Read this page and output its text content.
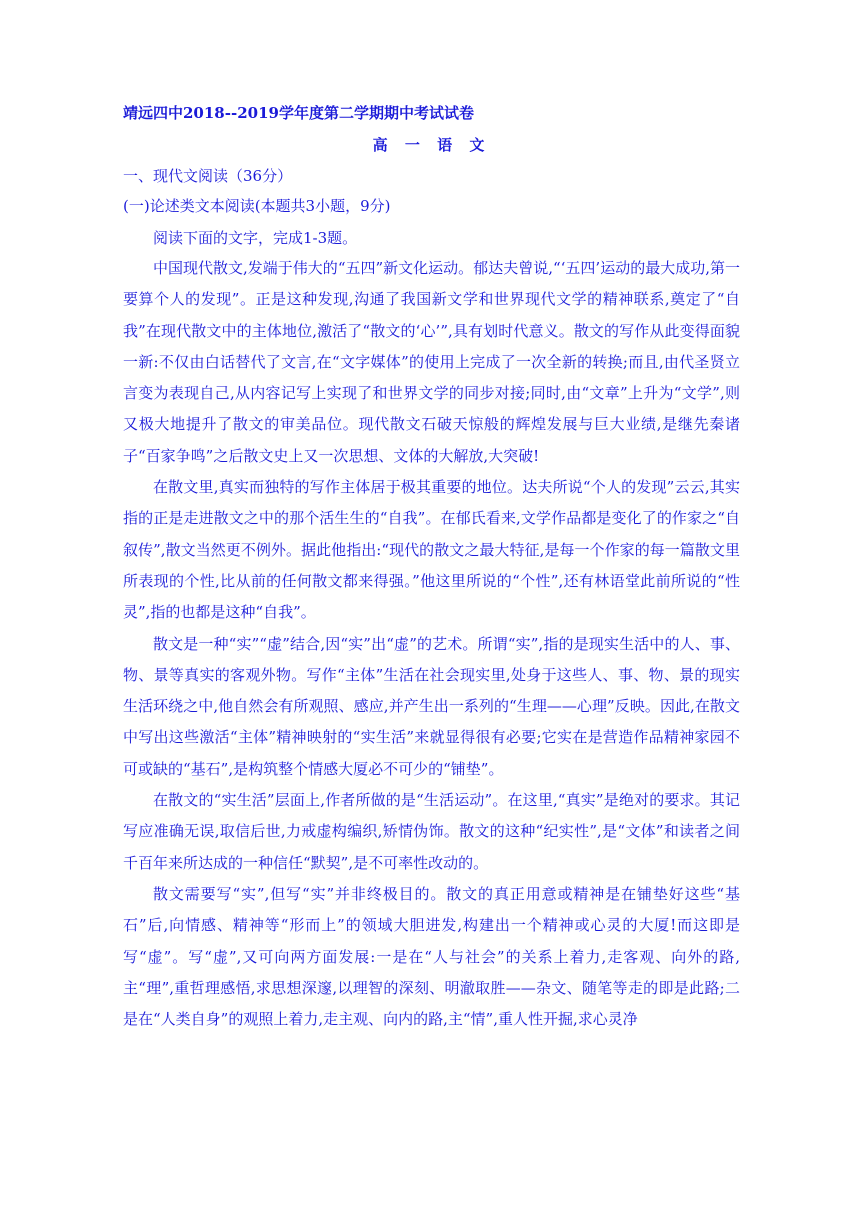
靖远四中2018--2019学年度第二学期期中考试试卷
高 一 语 文
一、现代文阅读（36分）
(一)论述类文本阅读(本题共3小题，9分)
阅读下面的文字，完成1-3题。

中国现代散文,发端于伟大的“五四”新文化运动。郁达夫曾说,“‘五四’运动的最大成功,第一要算个人的发现”。正是这种发现,沟通了我国新文学和世界现代文学的精神联系,奠定了“自我”在现代散文中的主体地位,激活了“散文的‘心’”,具有划时代意义。散文的写作从此变得面貌一新:不仅由白话替代了文言,在“文字媒体”的使用上完成了一次全新的转换;而且,由代圣贤立言变为表现自己,从内容记写上实现了和世界文学的同步对接;同时,由“文章”上升为“文学”,则又极大地提升了散文的审美品位。现代散文石破天惊般的辉煌发展与巨大业绩,是继先秦诸子“百家争鸣”之后散文史上又一次思想、文体的大解放,大突破!

在散文里,真实而独特的写作主体居于极其重要的地位。达夫所说“个人的发现”云云,其实指的正是走进散文之中的那个活生生的“自我”。在郁氏看来,文学作品都是变化了的作家之“自叙传”,散文当然更不例外。据此他指出:“现代的散文之最大特征,是每一个作家的每一篇散文里所表现的个性,比从前的任何散文都来得强。”他这里所说的“个性”,还有林语堂此前所说的“性灵”,指的也都是这种“自我”。

散文是一种“实”“虚”结合,因“实”出“虚”的艺术。所谓“实”,指的是现实生活中的人、事、物、景等真实的客观外物。写作“主体”生活在社会现实里,处身于这些人、事、物、景的现实生活环绕之中,他自然会有所观照、感应,并产生出一系列的“生理——心理”反映。因此,在散文中写出这些激活“主体”精神映射的“实生活”来就显得很有必要;它实在是营造作品精神家园不可或缺的“基石”,是构筑整个情感大厦必不可少的“铺垫”。

在散文的“实生活”层面上,作者所做的是“生活运动”。在这里,“真实”是绝对的要求。其记写应准确无误,取信后世,力戒虚构编织,矫情伪饰。散文的这种“纪实性”,是“文体”和读者之间千百年来所达成的一种信任“默契”,是不可率性改动的。

散文需要写“实”,但写“实”并非终极目的。散文的真正用意或精神是在铺垫好这些“基石”后,向情感、精神等“形而上”的领域大胆进发,构建出一个精神或心灵的大厦!而这即是写“虚”。写“虚”,又可向两方面发展:一是在“人与社会”的关系上着力,走客观、向外的路,主“理”,重哲理感悟,求思想深邃,以理智的深刻、明澈取胜——杂文、随笔等走的即是此路;二是在“人类自身”的观照上着力,走主观、向内的路,主“情”,重人性开掘,求心灵净
